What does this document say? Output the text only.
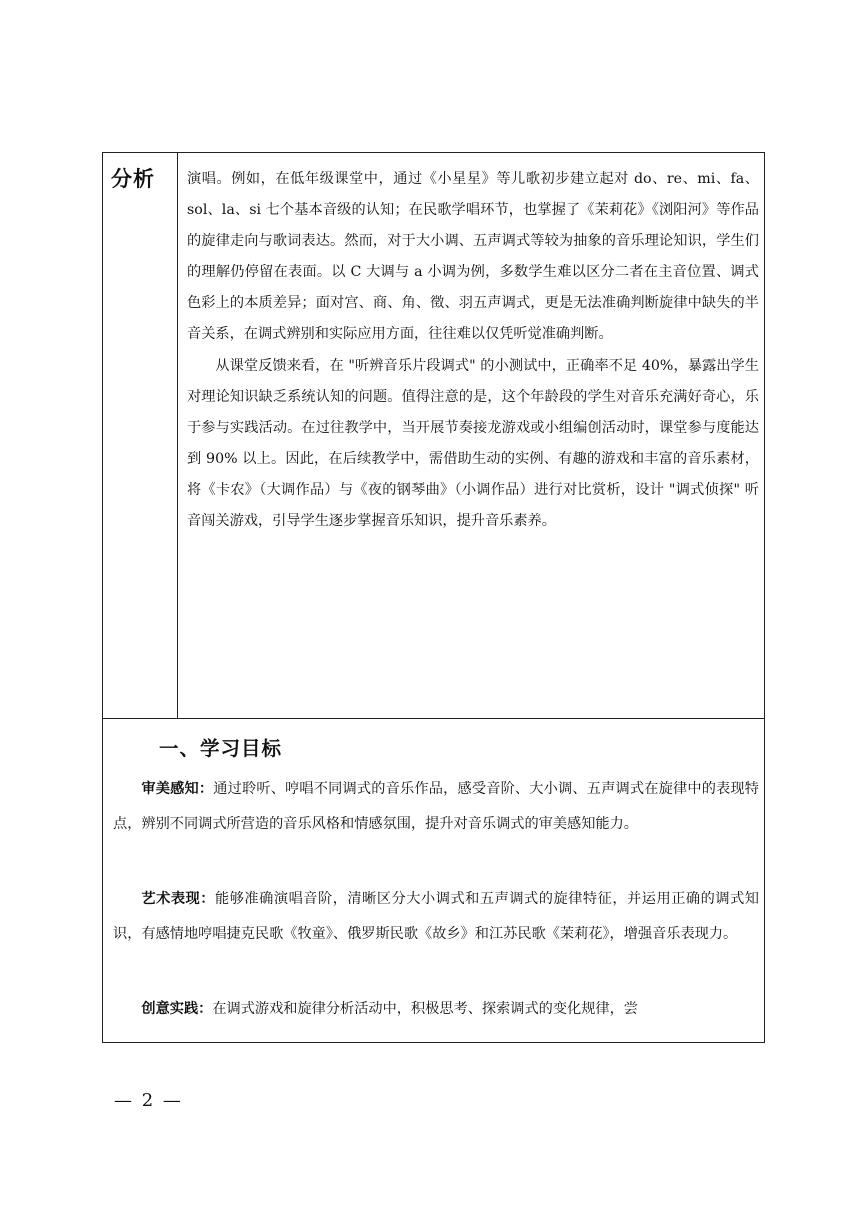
分析 演唱。例如，在低年级课堂中，通过《小星星》等儿歌初步建立起对 do、re、mi、fa、sol、la、si 七个基本音级的认知；在民歌学唱环节，也掌握了《茉莉花》《浏阳河》等作品的旋律走向与歌词表达。然而，对于大小调、五声调式等较为抽象的音乐理论知识，学生们的理解仍停留在表面。以 C 大调与 a 小调为例，多数学生难以区分二者在主音位置、调式色彩上的本质差异；面对宫、商、角、徵、羽五声调式，更是无法准确判断旋律中缺失的半音关系，在调式辨别和实际应用方面，往往难以仅凭听觉准确判断。

从课堂反馈来看，在 "听辨音乐片段调式" 的小测试中，正确率不足 40%，暴露出学生对理论知识缺乏系统认知的问题。值得注意的是，这个年龄段的学生对音乐充满好奇心，乐于参与实践活动。在过往教学中，当开展节奏接龙游戏或小组编创活动时，课堂参与度能达到 90% 以上。因此，在后续教学中，需借助生动的实例、有趣的游戏和丰富的音乐素材，将《卡农》（大调作品）与《夜的钢琴曲》（小调作品）进行对比赏析，设计 "调式侦探" 听音闯关游戏，引导学生逐步掌握音乐知识，提升音乐素养。

一、学习目标

审美感知：通过聆听、哼唱不同调式的音乐作品，感受音阶、大小调、五声调式在旋律中的表现特点，辨别不同调式所营造的音乐风格和情感氛围，提升对音乐调式的审美感知能力。

艺术表现：能够准确演唱音阶，清晰区分大小调式和五声调式的旋律特征，并运用正确的调式知识，有感情地哼唱捷克民歌《牧童》、俄罗斯民歌《故乡》和江苏民歌《茉莉花》，增强音乐表现力。

创意实践：在调式游戏和旋律分析活动中，积极思考、探索调式的变化规律，尝

— 2 —
